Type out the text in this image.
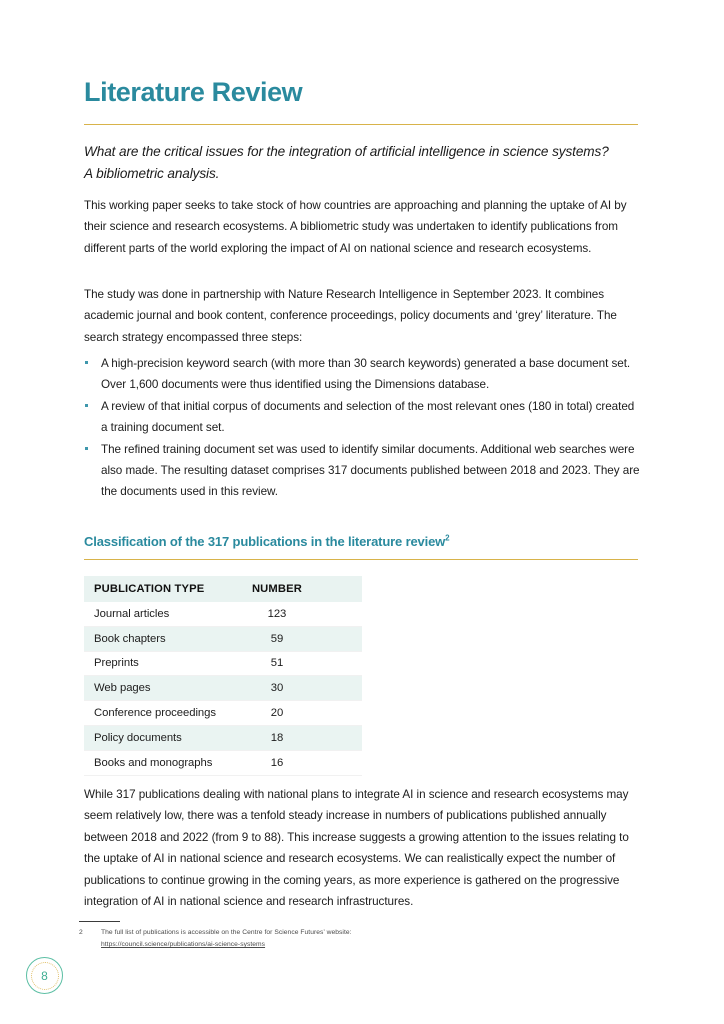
Literature Review
What are the critical issues for the integration of artificial intelligence in science systems? A bibliometric analysis.
This working paper seeks to take stock of how countries are approaching and planning the uptake of AI by their science and research ecosystems. A bibliometric study was undertaken to identify publications from different parts of the world exploring the impact of AI on national science and research ecosystems.
The study was done in partnership with Nature Research Intelligence in September 2023. It combines academic journal and book content, conference proceedings, policy documents and ‘grey’ literature. The search strategy encompassed three steps:
A high-precision keyword search (with more than 30 search keywords) generated a base document set. Over 1,600 documents were thus identified using the Dimensions database.
A review of that initial corpus of documents and selection of the most relevant ones (180 in total) created a training document set.
The refined training document set was used to identify similar documents. Additional web searches were also made. The resulting dataset comprises 317 documents published between 2018 and 2023. They are the documents used in this review.
Classification of the 317 publications in the literature review$^2$
PUBLICATION TYPE	NUMBER
Journal articles	123
Book chapters	59
Preprints	51
Web pages	30
Conference proceedings	20
Policy documents	18
Books and monographs	16
While 317 publications dealing with national plans to integrate AI in science and research ecosystems may seem relatively low, there was a tenfold steady increase in numbers of publications published annually between 2018 and 2022 (from 9 to 88). This increase suggests a growing attention to the issues relating to the uptake of AI in national science and research ecosystems. We can realistically expect the number of publications to continue growing in the coming years, as more experience is gathered on the progressive integration of AI in national science and research infrastructures.
2	The full list of publications is accessible on the Centre for Science Futures’ website:
https://council.science/publications/ai-science-systems
8
